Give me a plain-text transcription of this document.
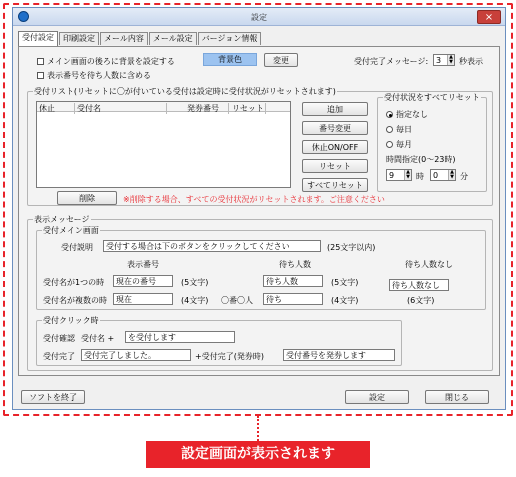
設定	×
受付設定	印刷設定	メール内容	メール設定	バージョン情報
メイン画面の後ろに背景を設定する	背景色	変更	受付完了メッセージ: 3	▲
▼ 秒表示
表示番号を待ち人数に含める
受付リスト(リセットに〇が付いている受付は設定時に受付状況がリセットされます)
休止	受付名	発券番号	リセット	追加
番号変更
休止ON/OFF
リセット
すべてリセット
受付状況をすべてリセット
指定なし
毎日
毎月
時間指定(0〜23時)
9	▲
▼ 時	0	▲
▼ 分
削除	※削除する場合、すべての受付状況がリセットされます。ご注意ください
表示メッセージ
受付メイン画面
受付説明	受付する場合は下のボタンをクリックしてください	(25文字以内)
表示番号	待ち人数	待ち人数なし
受付名が1つの時	現在の番号	(5文字)	待ち人数	(5文字)	待ち人数なし
受付名が複数の時	現在	(4文字) 〇番〇人	待ち	(4文字)	(6文字)
受付クリック時
受付確認 受付名 +	を受付します
受付完了	受付完了しました。	+受付完了(発券時)	受付番号を発券します
ソフトを終了	設定	閉じる
設定画面が表示されます
